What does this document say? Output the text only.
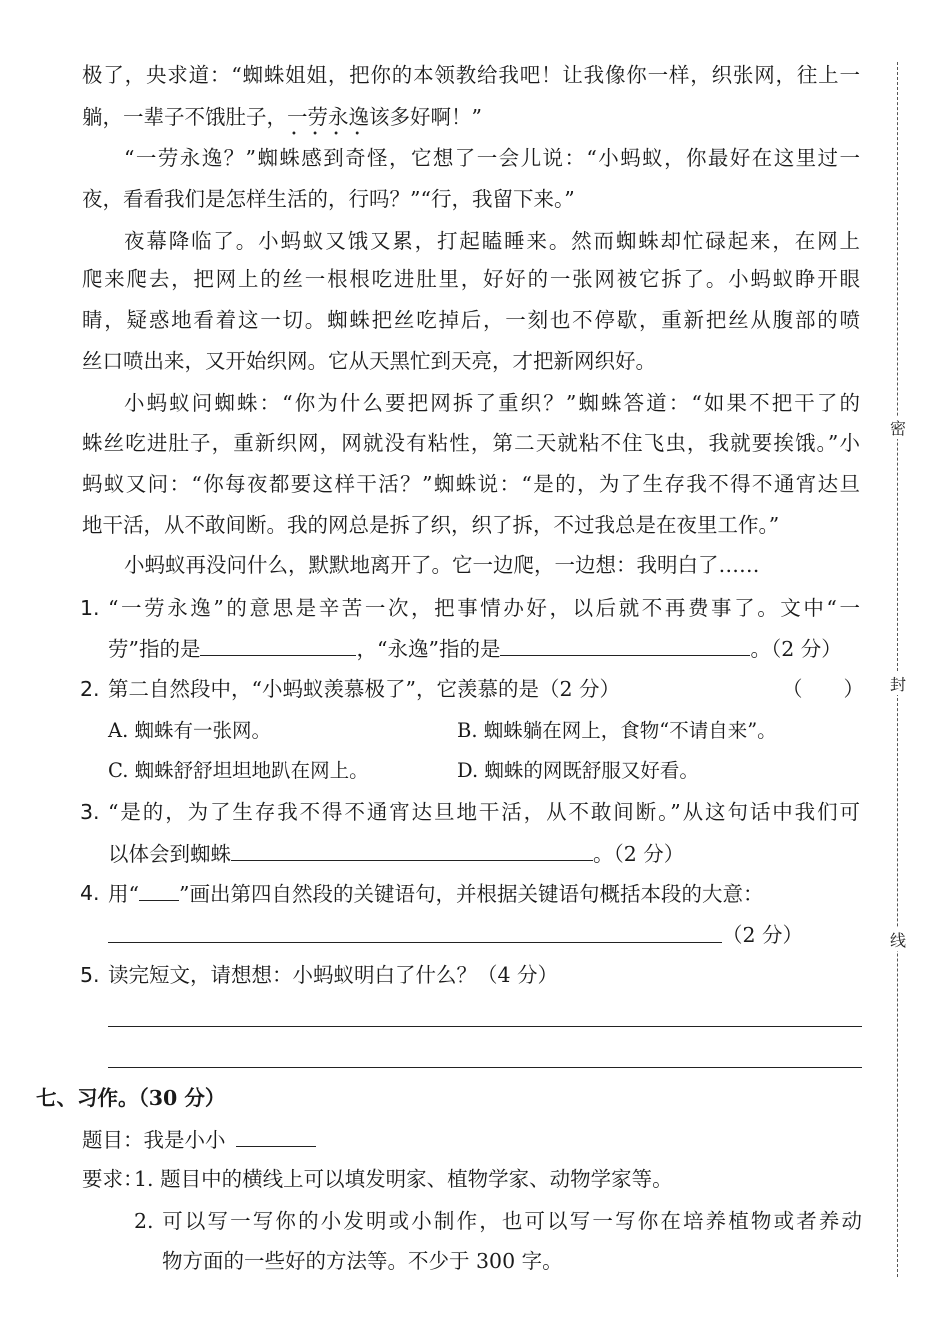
密
封
线
极了，央求道：“蜘蛛姐姐，把你的本领教给我吧！让我像你一样，织张网，往上一
躺，一辈子不饿肚子，一劳永逸 • • • •该多好啊！”
“一劳永逸？”蜘蛛感到奇怪，它想了一会儿说：“小蚂蚁，你最好在这里过一
夜，看看我们是怎样生活的，行吗？”“行，我留下来。”
夜幕降临了。小蚂蚁又饿又累，打起瞌睡来。然而蜘蛛却忙碌起来，在网上
爬来爬去，把网上的丝一根根吃进肚里，好好的一张网被它拆了。小蚂蚁睁开眼
睛，疑惑地看着这一切。蜘蛛把丝吃掉后，一刻也不停歇，重新把丝从腹部的喷
丝口喷出来，又开始织网。它从天黑忙到天亮，才把新网织好。
小蚂蚁问蜘蛛：“你为什么要把网拆了重织？”蜘蛛答道：“如果不把干了的
蛛丝吃进肚子，重新织网，网就没有粘性，第二天就粘不住飞虫，我就要挨饿。”小
蚂蚁又问：“你每夜都要这样干活？”蜘蛛说：“是的，为了生存我不得不通宵达旦
地干活，从不敢间断。我的网总是拆了织，织了拆，不过我总是在夜里工作。”
小蚂蚁再没问什么，默默地离开了。它一边爬，一边想：我明白了……
1. “一劳永逸”的意思是辛苦一次，把事情办好，以后就不再费事了。文中“一
劳”指的是	，“永逸”指的是	。（2 分）
2. 第二自然段中，“小蚂蚁羡慕极了”，它羡慕的是（2 分）	（　　）
A. 蜘蛛有一张网。	B. 蜘蛛躺在网上，食物“不请自来”。
C. 蜘蛛舒舒坦坦地趴在网上。	D. 蜘蛛的网既舒服又好看。
3. “是的，为了生存我不得不通宵达旦地干活，从不敢间断。”从这句话中我们可
以体会到蜘蛛	。（2 分）
4. 用“ ”画出第四自然段的关键语句，并根据关键语句概括本段的大意：
（2 分）
5. 读完短文，请想想：小蚂蚁明白了什么？（4 分）
七、习作。（30 分）
题目：我是小小 
要求：
1. 题目中的横线上可以填发明家、植物学家、动物学家等。
2. 可以写一写你的小发明或小制作，也可以写一写你在培养植物或者养动
物方面的一些好的方法等。不少于 300 字。
